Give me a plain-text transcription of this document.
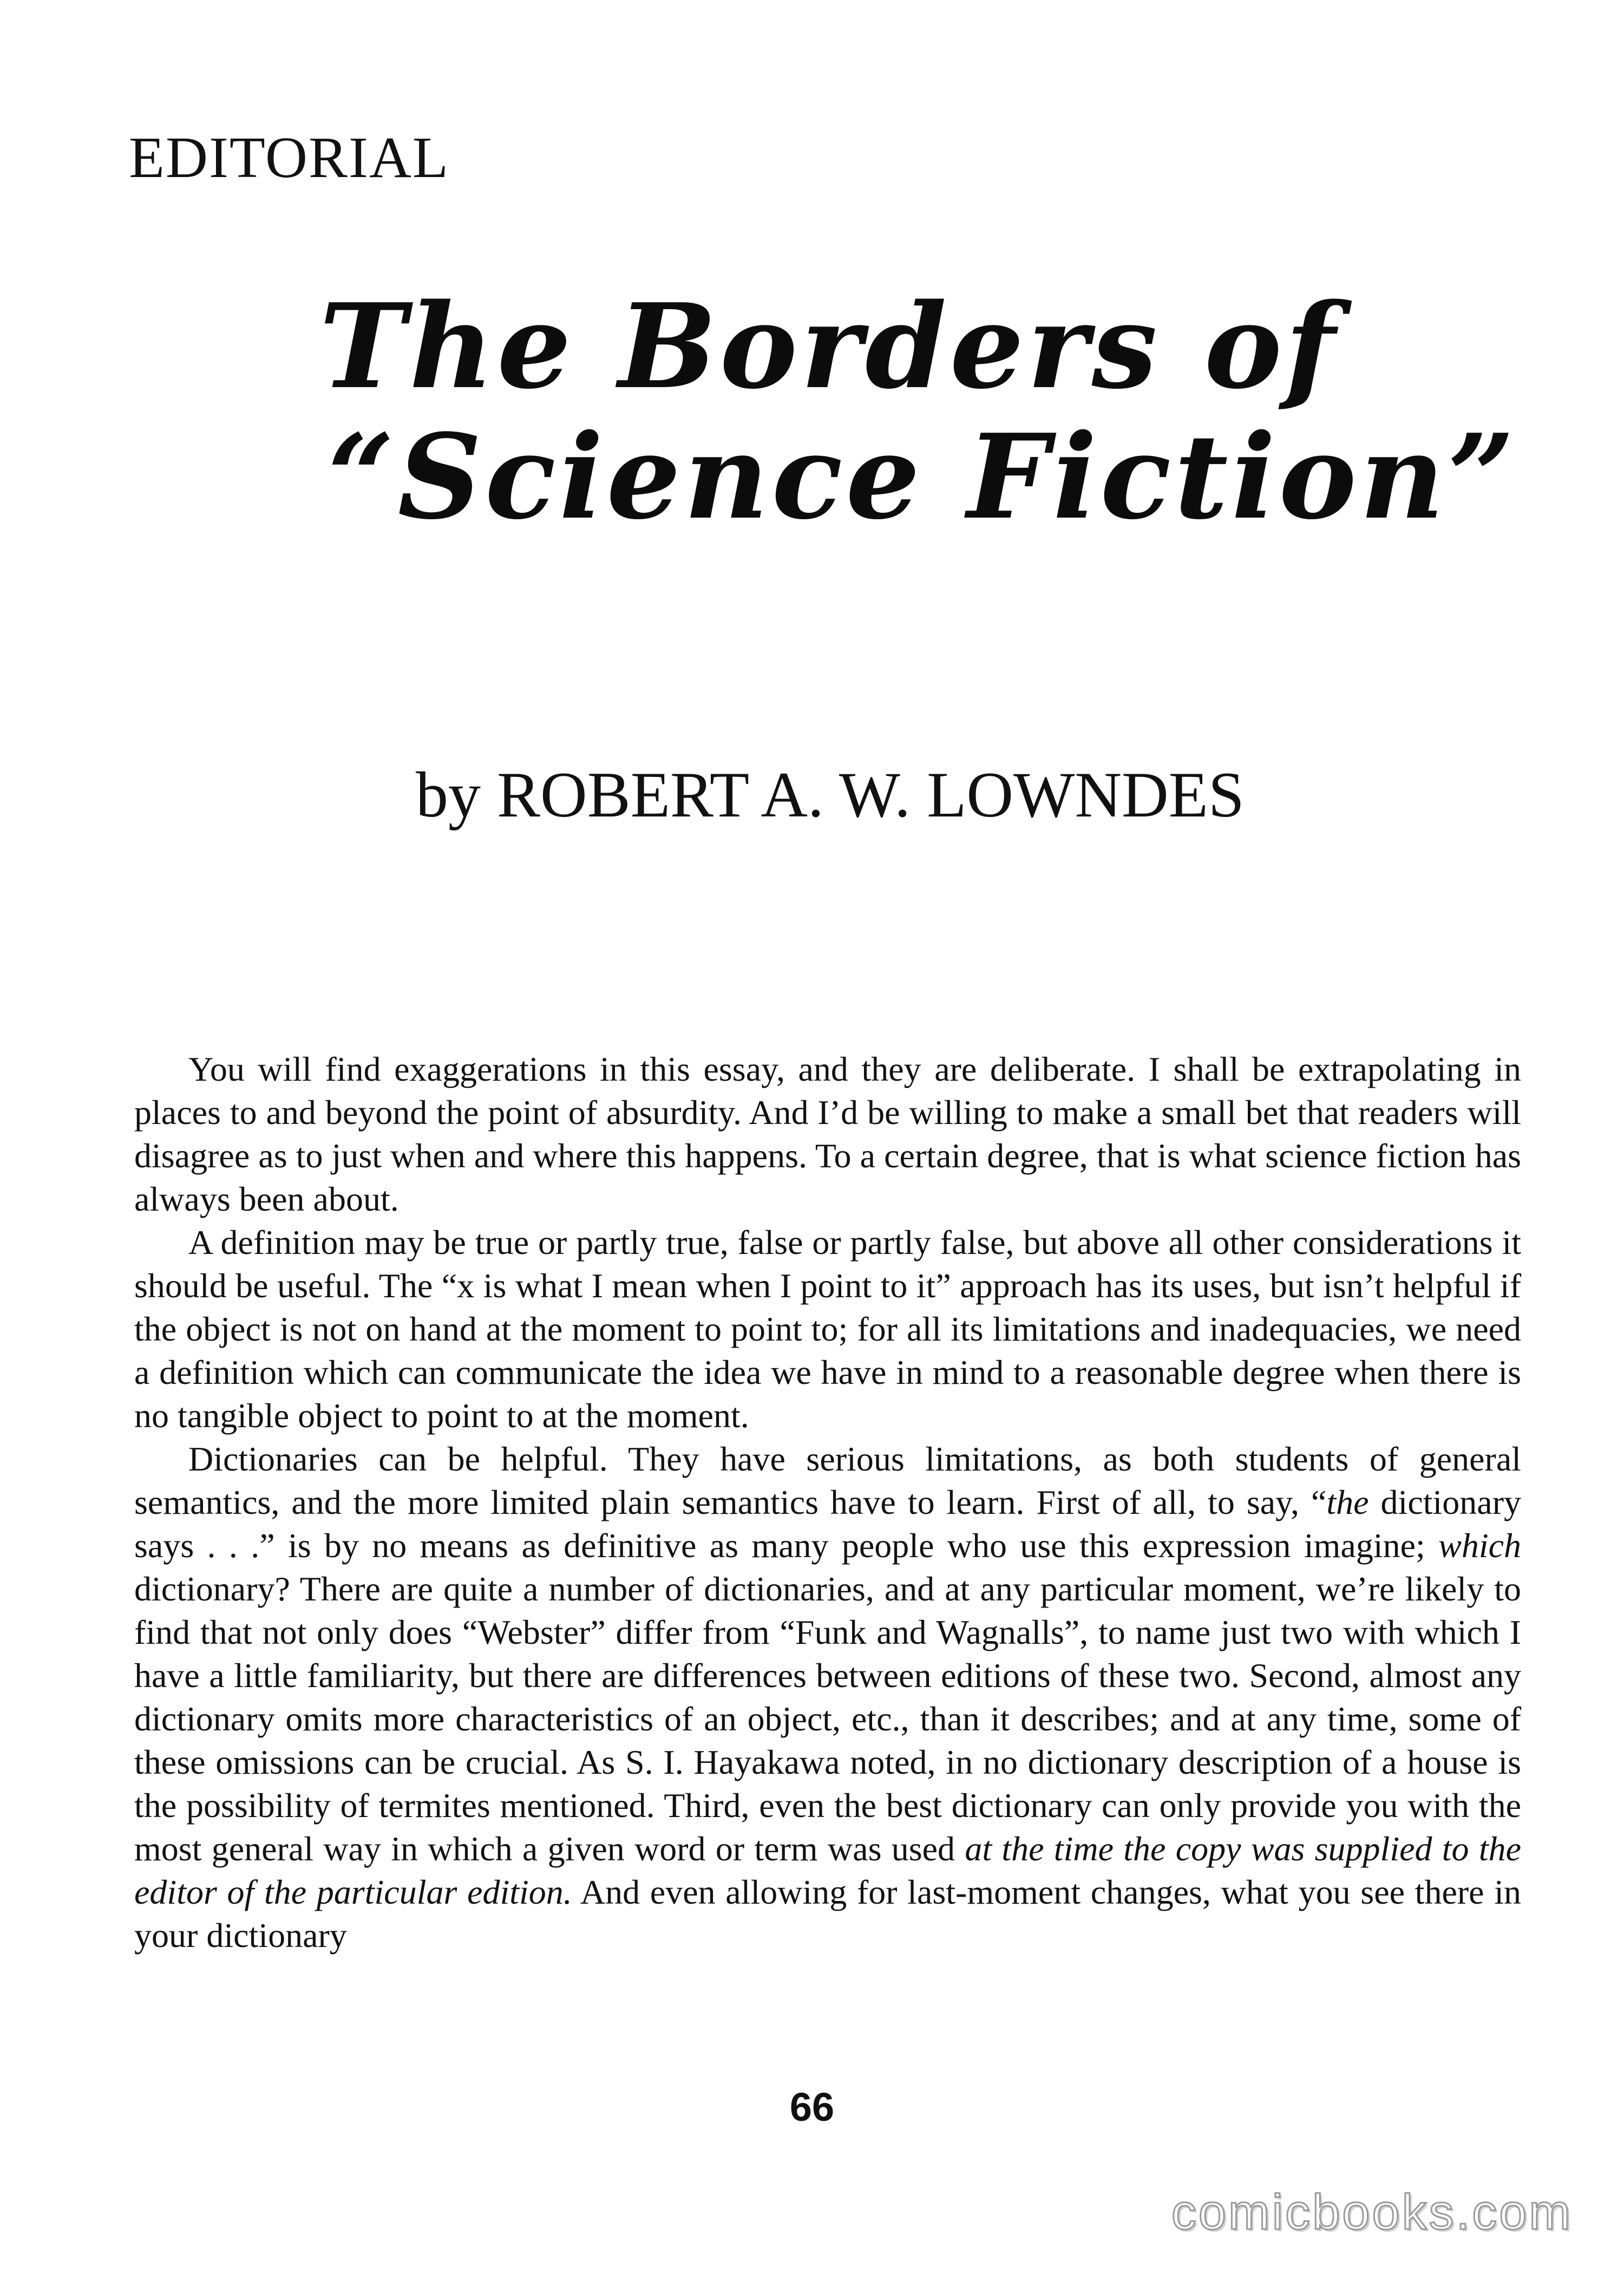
EDITORIAL
The Borders of
“Science Fiction”
by ROBERT A. W. LOWNDES

You will find exaggerations in this essay, and they are deliberate. I shall be extrapolating in places to and beyond the point of absurdity. And I’d be willing to make a small bet that readers will disagree as to just when and where this happens. To a certain degree, that is what science fiction has always been about.

A definition may be true or partly true, false or partly false, but above all other considerations it should be useful. The “x is what I mean when I point to it” approach has its uses, but isn’t helpful if the object is not on hand at the moment to point to; for all its limitations and inadequacies, we need a definition which can communicate the idea we have in mind to a reasonable degree when there is no tangible object to point to at the moment.

Dictionaries can be helpful. They have serious limitations, as both students of general semantics, and the more limited plain semantics have to learn. First of all, to say, “the dictionary says . . .” is by no means as definitive as many people who use this expression imagine; which dictionary? There are quite a number of dictionaries, and at any particular moment, we’re likely to find that not only does “Webster” differ from “Funk and Wagnalls”, to name just two with which I have a little familiarity, but there are differences between editions of these two. Second, almost any dictionary omits more characteristics of an object, etc., than it describes; and at any time, some of these omissions can be crucial. As S. I. Hayakawa noted, in no dictionary description of a house is the possibility of termites mentioned. Third, even the best dictionary can only provide you with the most general way in which a given word or term was used at the time the copy was supplied to the editor of the particular edition. And even allowing for last-moment changes, what you see there in your dictionary

66
comicbooks.com
